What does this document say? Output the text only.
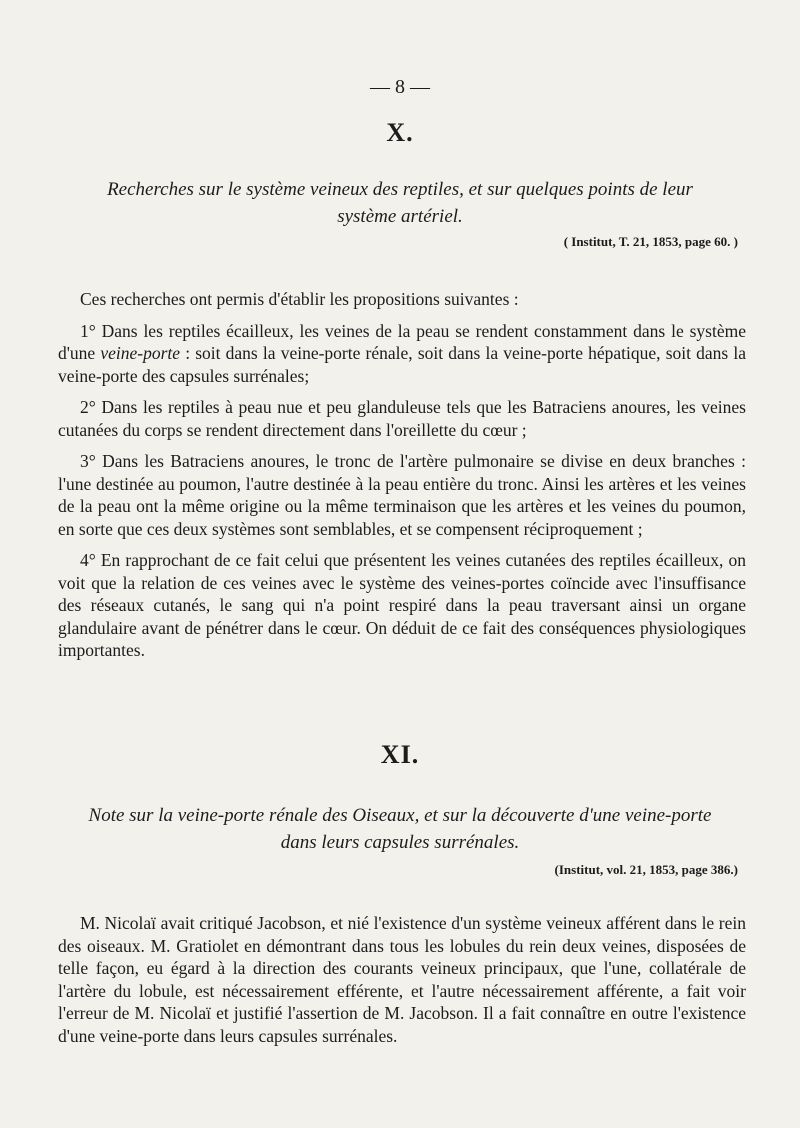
— 8 —
X.
Recherches sur le système veineux des reptiles, et sur quelques points de leur
système artériel.
( Institut, T. 21, 1853, page 60. )

Ces recherches ont permis d'établir les propositions suivantes :

1° Dans les reptiles écailleux, les veines de la peau se rendent constamment dans le système d'une veine-porte : soit dans la veine-porte rénale, soit dans la veine-porte hépatique, soit dans la veine-porte des capsules surrénales;

2° Dans les reptiles à peau nue et peu glanduleuse tels que les Batraciens anoures, les veines cutanées du corps se rendent directement dans l'oreillette du cœur ;

3° Dans les Batraciens anoures, le tronc de l'artère pulmonaire se divise en deux branches : l'une destinée au poumon, l'autre destinée à la peau entière du tronc. Ainsi les artères et les veines de la peau ont la même origine ou la même terminaison que les artères et les veines du poumon, en sorte que ces deux systèmes sont semblables, et se compensent réciproquement ;

4° En rapprochant de ce fait celui que présentent les veines cutanées des reptiles écailleux, on voit que la relation de ces veines avec le système des veines-portes coïncide avec l'insuffisance des réseaux cutanés, le sang qui n'a point respiré dans la peau traversant ainsi un organe glandulaire avant de pénétrer dans le cœur. On déduit de ce fait des conséquences physiologiques importantes.

XI.
Note sur la veine-porte rénale des Oiseaux, et sur la découverte d'une veine-porte
dans leurs capsules surrénales.
(Institut, vol. 21, 1853, page 386.)

M. Nicolaï avait critiqué Jacobson, et nié l'existence d'un système veineux afférent dans le rein des oiseaux. M. Gratiolet en démontrant dans tous les lobules du rein deux veines, disposées de telle façon, eu égard à la direction des courants veineux principaux, que l'une, collatérale de l'artère du lobule, est nécessairement efférente, et l'autre nécessairement afférente, a fait voir l'erreur de M. Nicolaï et justifié l'assertion de M. Jacobson. Il a fait connaître en outre l'existence d'une veine-porte dans leurs capsules surrénales.
